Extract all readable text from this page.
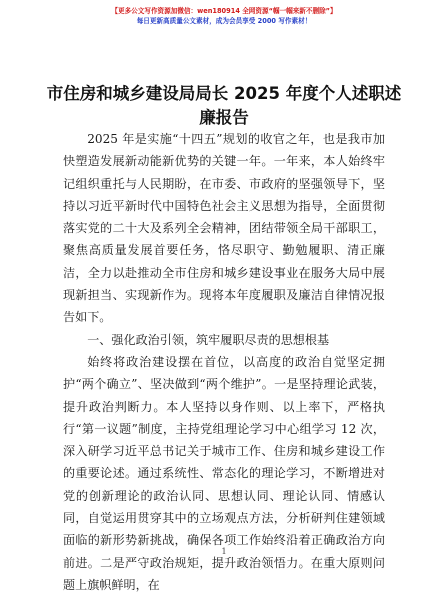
【更多公文写作资源加微信：wen180914 全网资源“帼一帼来新不删除”】
每日更新高质量公文素材，成为会员享受 2000 写作素材！
市住房和城乡建设局局长 2025 年度个人述职述廉报告

2025 年是实施“十四五”规划的收官之年，也是我市加快塑造发展新动能新优势的关键一年。一年来，本人始终牢记组织重托与人民期盼，在市委、市政府的坚强领导下，坚持以习近平新时代中国特色社会主义思想为指导，全面贯彻落实党的二十大及系列全会精神，团结带领全局干部职工，聚焦高质量发展首要任务，恪尽职守、勤勉履职、清正廉洁，全力以赴推动全市住房和城乡建设事业在服务大局中展现新担当、实现新作为。现将本年度履职及廉洁自律情况报告如下。

一、强化政治引领，筑牢履职尽责的思想根基

始终将政治建设摆在首位，以高度的政治自觉坚定拥护“两个确立”、坚决做到“两个维护”。一是坚持理论武装，提升政治判断力。本人坚持以身作则、以上率下，严格执行“第一议题”制度，主持党组理论学习中心组学习 12 次，深入研学习近平总书记关于城市工作、住房和城乡建设工作的重要论述。通过系统性、常态化的理论学习，不断增进对党的创新理论的政治认同、思想认同、理论认同、情感认同，自觉运用贯穿其中的立场观点方法，分析研判住建领域面临的新形势新挑战，确保各项工作始终沿着正确政治方向前进。二是严守政治规矩，提升政治领悟力。在重大原则问题上旗帜鲜明，在

1
